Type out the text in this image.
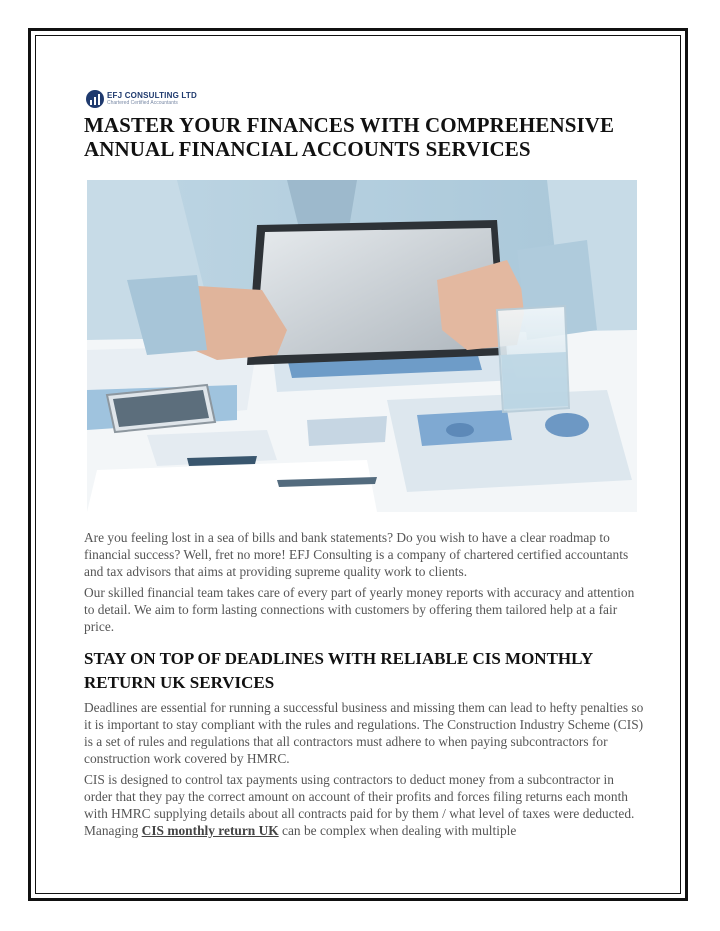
EFJ CONSULTING LTD
Chartered Certified Accountants
MASTER YOUR FINANCES WITH COMPREHENSIVE ANNUAL FINANCIAL ACCOUNTS SERVICES

Are you feeling lost in a sea of bills and bank statements? Do you wish to have a clear roadmap to financial success? Well, fret no more! EFJ Consulting is a company of chartered certified accountants and tax advisors that aims at providing supreme quality work to clients.

Our skilled financial team takes care of every part of yearly money reports with accuracy and attention to detail. We aim to form lasting connections with customers by offering them tailored help at a fair price.

STAY ON TOP OF DEADLINES WITH RELIABLE CIS MONTHLY RETURN UK SERVICES

Deadlines are essential for running a successful business and missing them can lead to hefty penalties so it is important to stay compliant with the rules and regulations. The Construction Industry Scheme (CIS) is a set of rules and regulations that all contractors must adhere to when paying subcontractors for construction work covered by HMRC.

CIS is designed to control tax payments using contractors to deduct money from a subcontractor in order that they pay the correct amount on account of their profits and forces filing returns each month with HMRC supplying details about all contracts paid for by them / what level of taxes were deducted. Managing CIS monthly return UK can be complex when dealing with multiple
